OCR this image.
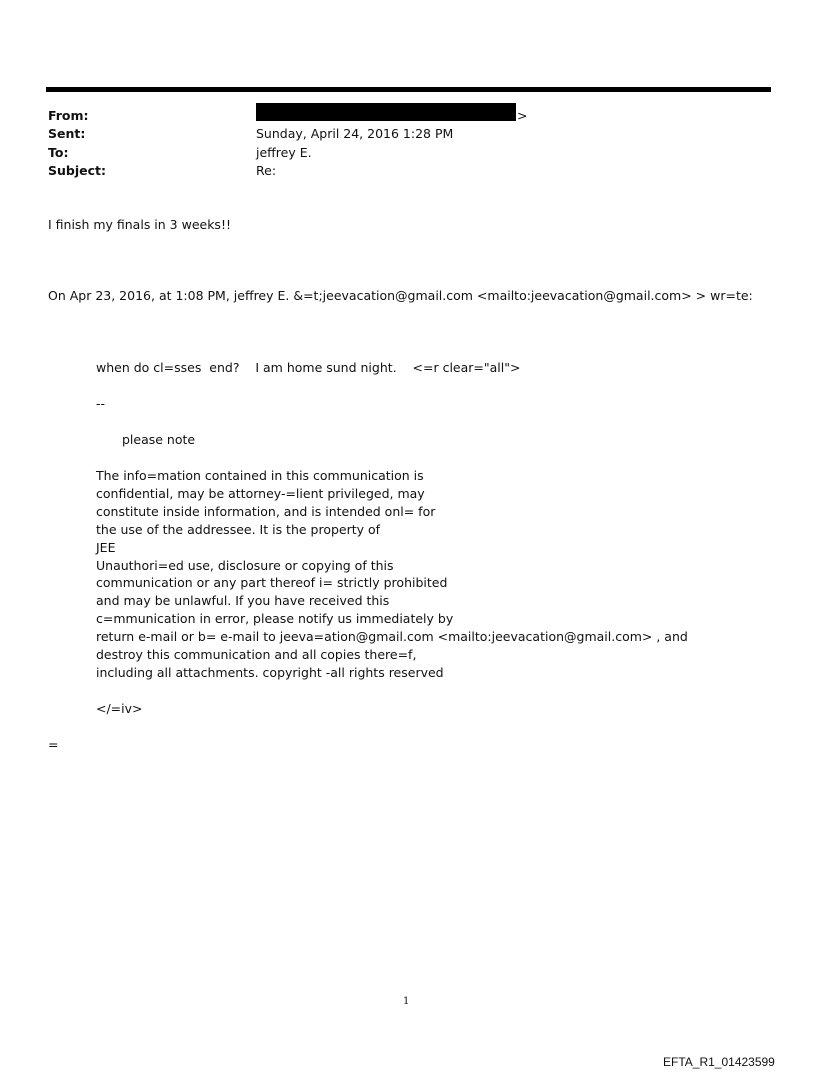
From:	>
Sent:	Sunday, April 24, 2016 1:28 PM
To:	jeffrey E.
Subject:	Re:
I finish my finals in 3 weeks!!
On Apr 23, 2016, at 1:08 PM, jeffrey E. &=t;jeevacation@gmail.com <mailto:jeevacation@gmail.com> > wr=te:
when do cl=sses  end?    I am home sund night.    <=r clear="all">
--
please note
The info=mation contained in this communication is
confidential, may be attorney-=lient privileged, may
constitute inside information, and is intended onl= for
the use of the addressee. It is the property of
JEE
Unauthori=ed use, disclosure or copying of this
communication or any part thereof i= strictly prohibited
and may be unlawful. If you have received this
c=mmunication in error, please notify us immediately by
return e-mail or b= e-mail to jeeva=ation@gmail.com <mailto:jeevacation@gmail.com> , and
destroy this communication and all copies there=f,
including all attachments. copyright -all rights reserved
</=iv>
=
1
EFTA_R1_01423599
